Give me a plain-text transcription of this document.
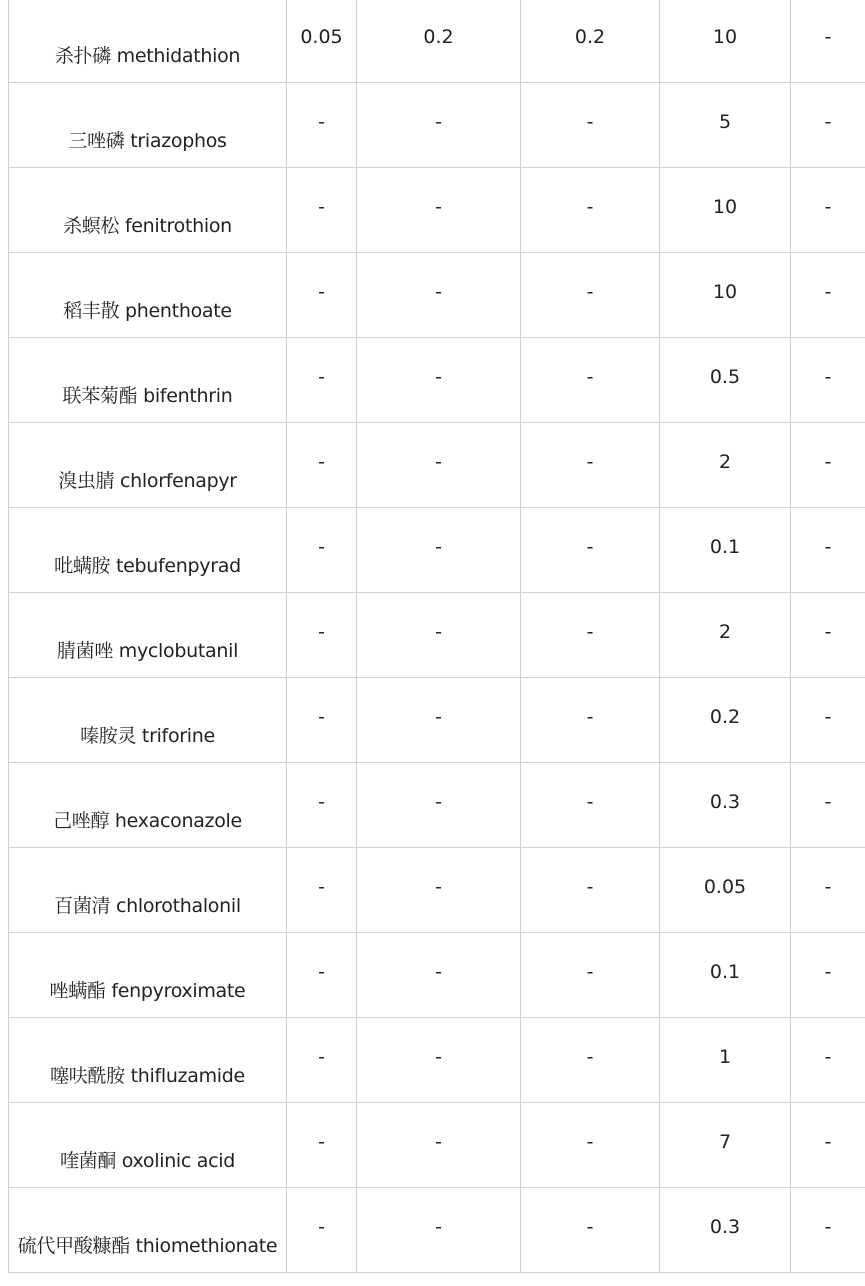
杀扑磷 methidathion	0.05	0.2	0.2	10	-
三唑磷 triazophos	-	-	-	5	-
杀螟松 fenitrothion	-	-	-	10	-
稻丰散 phenthoate	-	-	-	10	-
联苯菊酯 bifenthrin	-	-	-	0.5	-
溴虫腈 chlorfenapyr	-	-	-	2	-
吡螨胺 tebufenpyrad	-	-	-	0.1	-
腈菌唑 myclobutanil	-	-	-	2	-
嗪胺灵 triforine	-	-	-	0.2	-
己唑醇 hexaconazole	-	-	-	0.3	-
百菌清 chlorothalonil	-	-	-	0.05	-
唑螨酯 fenpyroximate	-	-	-	0.1	-
噻呋酰胺 thifluzamide	-	-	-	1	-
喹菌酮 oxolinic acid	-	-	-	7	-
硫代甲酸糠酯 thiomethionate	-	-	-	0.3	-
